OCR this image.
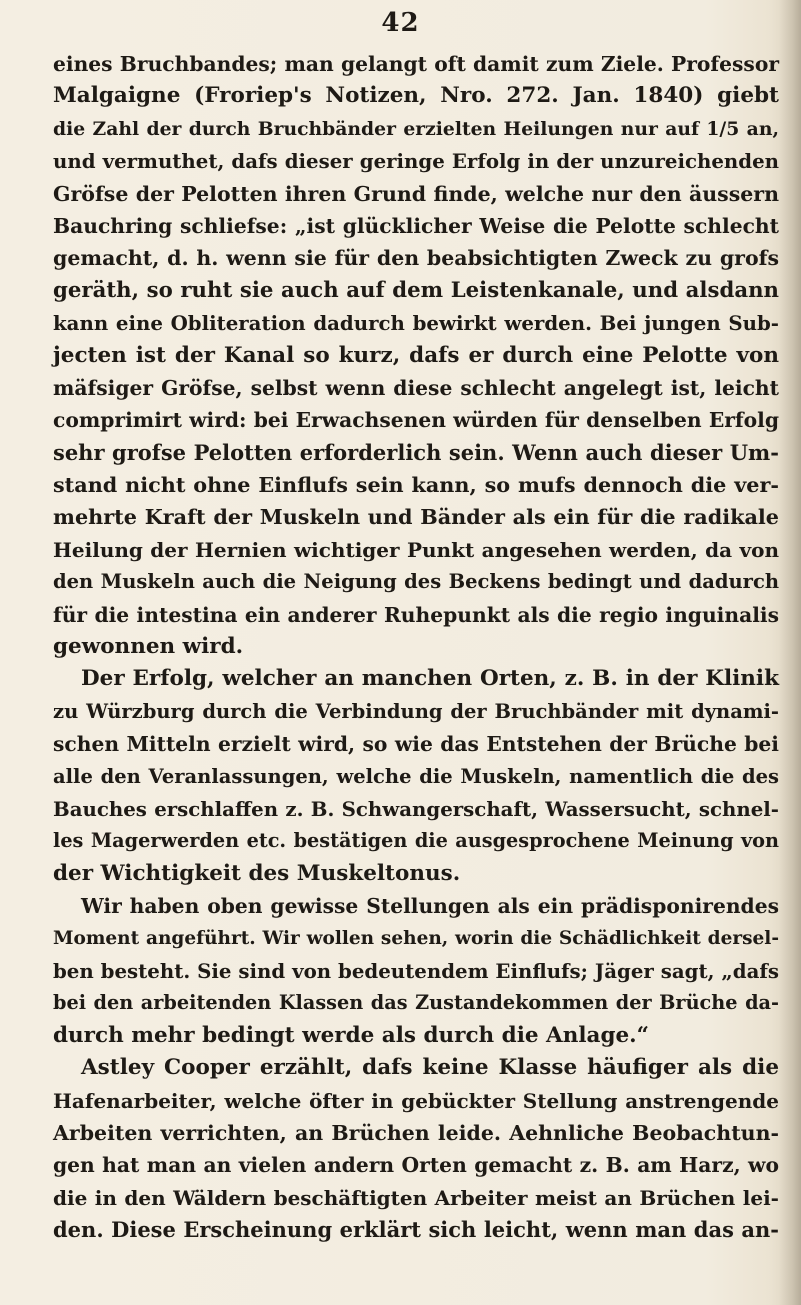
42
eines Bruchbandes; man gelangt oft damit zum Ziele. Professor
Malgaigne (Froriep's Notizen, Nro. 272. Jan. 1840) giebt
die Zahl der durch Bruchbänder erzielten Heilungen nur auf 1/5 an,
und vermuthet, dafs dieser geringe Erfolg in der unzureichenden
Gröfse der Pelotten ihren Grund finde, welche nur den äussern
Bauchring schliefse: „ist glücklicher Weise die Pelotte schlecht
gemacht, d. h. wenn sie für den beabsichtigten Zweck zu grofs
geräth, so ruht sie auch auf dem Leistenkanale, und alsdann
kann eine Obliteration dadurch bewirkt werden. Bei jungen Sub-
jecten ist der Kanal so kurz, dafs er durch eine Pelotte von
mäfsiger Gröfse, selbst wenn diese schlecht angelegt ist, leicht
comprimirt wird: bei Erwachsenen würden für denselben Erfolg
sehr grofse Pelotten erforderlich sein. Wenn auch dieser Um-
stand nicht ohne Einflufs sein kann, so mufs dennoch die ver-
mehrte Kraft der Muskeln und Bänder als ein für die radikale
Heilung der Hernien wichtiger Punkt angesehen werden, da von
den Muskeln auch die Neigung des Beckens bedingt und dadurch
für die intestina ein anderer Ruhepunkt als die regio inguinalis
gewonnen wird.
Der Erfolg, welcher an manchen Orten, z. B. in der Klinik
zu Würzburg durch die Verbindung der Bruchbänder mit dynami-
schen Mitteln erzielt wird, so wie das Entstehen der Brüche bei
alle den Veranlassungen, welche die Muskeln, namentlich die des
Bauches erschlaffen z. B. Schwangerschaft, Wassersucht, schnel-
les Magerwerden etc. bestätigen die ausgesprochene Meinung von
der Wichtigkeit des Muskeltonus.
Wir haben oben gewisse Stellungen als ein prädisponirendes
Moment angeführt. Wir wollen sehen, worin die Schädlichkeit dersel-
ben besteht. Sie sind von bedeutendem Einflufs; Jäger sagt, „dafs
bei den arbeitenden Klassen das Zustandekommen der Brüche da-
durch mehr bedingt werde als durch die Anlage.“
Astley Cooper erzählt, dafs keine Klasse häufiger als die
Hafenarbeiter, welche öfter in gebückter Stellung anstrengende
Arbeiten verrichten, an Brüchen leide. Aehnliche Beobachtun-
gen hat man an vielen andern Orten gemacht z. B. am Harz, wo
die in den Wäldern beschäftigten Arbeiter meist an Brüchen lei-
den. Diese Erscheinung erklärt sich leicht, wenn man das an-
